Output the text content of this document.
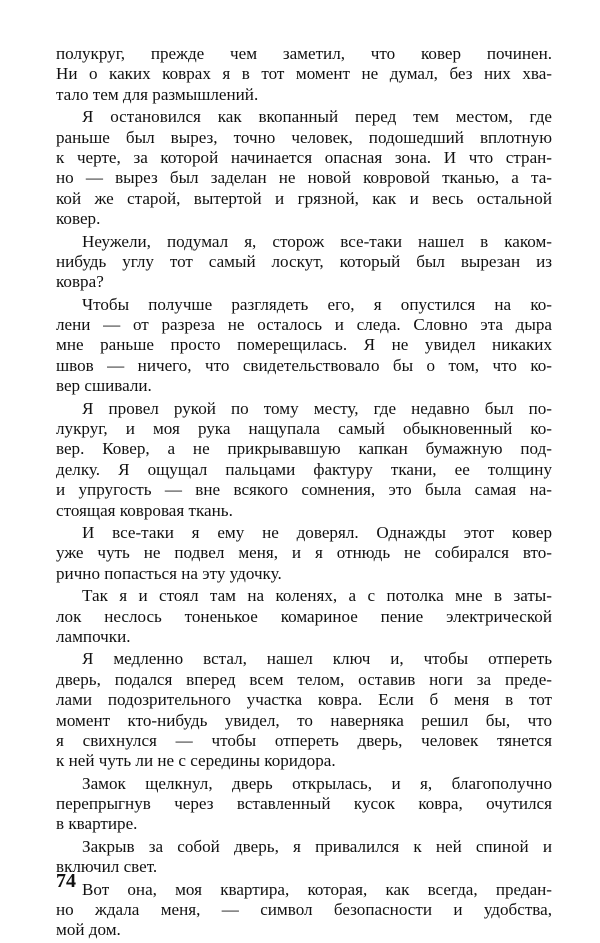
полукруг, прежде чем заметил, что ковер починен.
Ни о каких коврах я в тот момент не думал, без них хва-
тало тем для размышлений.
Я остановился как вкопанный перед тем местом, где
раньше был вырез, точно человек, подошедший вплотную
к черте, за которой начинается опасная зона. И что стран-
но — вырез был заделан не новой ковровой тканью, а та-
кой же старой, вытертой и грязной, как и весь остальной
ковер.
Неужели, подумал я, сторож все-таки нашел в каком-
нибудь углу тот самый лоскут, который был вырезан из
ковра?
Чтобы получше разглядеть его, я опустился на ко-
лени — от разреза не осталось и следа. Словно эта дыра
мне раньше просто померещилась. Я не увидел никаких
швов — ничего, что свидетельствовало бы о том, что ко-
вер сшивали.
Я провел рукой по тому месту, где недавно был по-
лукруг, и моя рука нащупала самый обыкновенный ко-
вер. Ковер, а не прикрывавшую капкан бумажную под-
делку. Я ощущал пальцами фактуру ткани, ее толщину
и упругость — вне всякого сомнения, это была самая на-
стоящая ковровая ткань.
И все-таки я ему не доверял. Однажды этот ковер
уже чуть не подвел меня, и я отнюдь не собирался вто-
рично попасться на эту удочку.
Так я и стоял там на коленях, а с потолка мне в заты-
лок неслось тоненькое комариное пение электрической
лампочки.
Я медленно встал, нашел ключ и, чтобы отпереть
дверь, подался вперед всем телом, оставив ноги за преде-
лами подозрительного участка ковра. Если б меня в тот
момент кто-нибудь увидел, то наверняка решил бы, что
я свихнулся — чтобы отпереть дверь, человек тянется
к ней чуть ли не с середины коридора.
Замок щелкнул, дверь открылась, и я, благополучно
перепрыгнув через вставленный кусок ковра, очутился
в квартире.
Закрыв за собой дверь, я привалился к ней спиной и
включил свет.
Вот она, моя квартира, которая, как всегда, предан-
но ждала меня, — символ безопасности и удобства,
мой дом.
74
